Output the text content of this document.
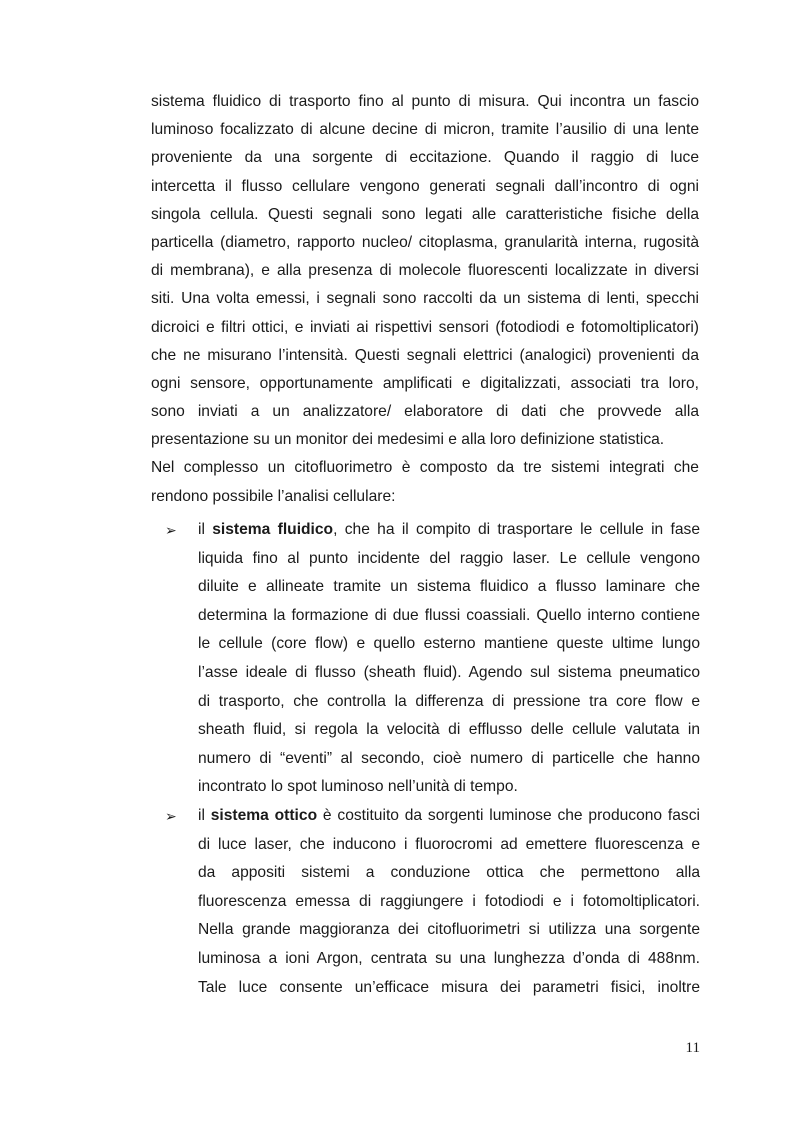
sistema fluidico di trasporto fino al punto di misura. Qui incontra un fascio
luminoso focalizzato di alcune decine di micron, tramite l’ausilio di una lente
proveniente da una sorgente di eccitazione. Quando il raggio di luce
intercetta il flusso cellulare vengono generati segnali dall’incontro di ogni
singola cellula. Questi segnali sono legati alle caratteristiche fisiche della
particella (diametro, rapporto nucleo/ citoplasma, granularità interna, rugosità
di membrana), e alla presenza di molecole fluorescenti localizzate in diversi
siti. Una volta emessi, i segnali sono raccolti da un sistema di lenti, specchi
dicroici e filtri ottici, e inviati ai rispettivi sensori (fotodiodi e fotomoltiplicatori)
che ne misurano l’intensità. Questi segnali elettrici (analogici) provenienti da
ogni sensore, opportunamente amplificati e digitalizzati, associati tra loro,
sono inviati a un analizzatore/ elaboratore di dati che provvede alla
presentazione su un monitor dei medesimi e alla loro definizione statistica.
Nel complesso un citofluorimetro è composto da tre sistemi integrati che
rendono possibile l’analisi cellulare:
➢ il sistema fluidico, che ha il compito di trasportare le cellule in fase
liquida fino al punto incidente del raggio laser. Le cellule vengono
diluite e allineate tramite un sistema fluidico a flusso laminare che
determina la formazione di due flussi coassiali. Quello interno contiene
le cellule (core flow) e quello esterno mantiene queste ultime lungo
l’asse ideale di flusso (sheath fluid). Agendo sul sistema pneumatico
di trasporto, che controlla la differenza di pressione tra core flow e
sheath fluid, si regola la velocità di efflusso delle cellule valutata in
numero di “eventi” al secondo, cioè numero di particelle che hanno
incontrato lo spot luminoso nell’unità di tempo.
➢ il sistema ottico è costituito da sorgenti luminose che producono fasci
di luce laser, che inducono i fluorocromi ad emettere fluorescenza e
da appositi sistemi a conduzione ottica che permettono alla
fluorescenza emessa di raggiungere i fotodiodi e i fotomoltiplicatori.
Nella grande maggioranza dei citofluorimetri si utilizza una sorgente
luminosa a ioni Argon, centrata su una lunghezza d’onda di 488nm.
Tale luce consente un’efficace misura dei parametri fisici, inoltre
11
